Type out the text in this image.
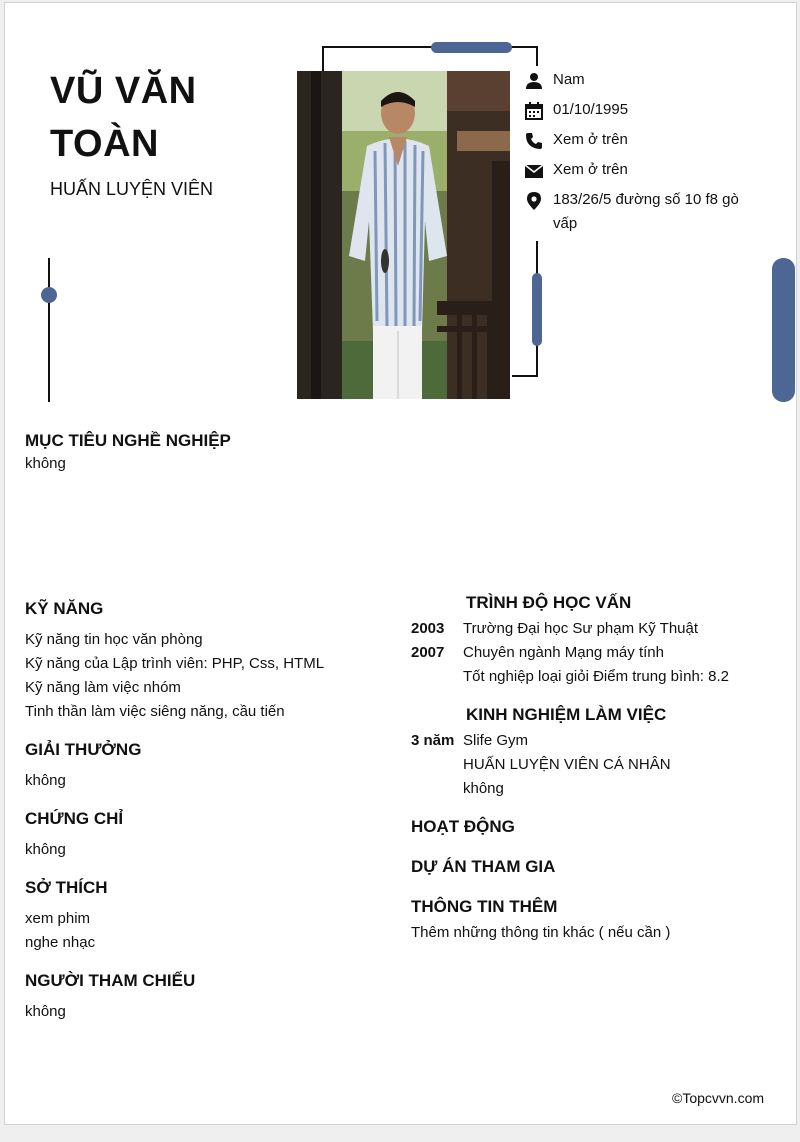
VŨ VĂN
TOÀN
HUẤN LUYỆN VIÊN
Nam
01/10/1995
Xem ở trên
Xem ở trên
183/26/5 đường số 10 f8 gò vấp
MỤC TIÊU NGHỀ NGHIỆP
không
KỸ NĂNG
Kỹ năng tin học văn phòng
Kỹ năng của Lập trình viên: PHP, Css, HTML
Kỹ năng làm việc nhóm
Tinh thần làm việc siêng năng, cầu tiến
GIẢI THƯỞNG
không
CHỨNG CHỈ
không
SỞ THÍCH
xem phim
nghe nhạc
NGƯỜI THAM CHIẾU
không
TRÌNH ĐỘ HỌC VẤN
2003	Trường Đại học Sư phạm Kỹ Thuật
2007	Chuyên ngành Mạng máy tính
Tốt nghiệp loại giỏi Điểm trung bình: 8.2
KINH NGHIỆM LÀM VIỆC
3 năm Slife Gym
HUẤN LUYỆN VIÊN CÁ NHÂN
không
HOẠT ĐỘNG
DỰ ÁN THAM GIA
THÔNG TIN THÊM
Thêm những thông tin khác ( nếu cần )
©Topcvvn.com
